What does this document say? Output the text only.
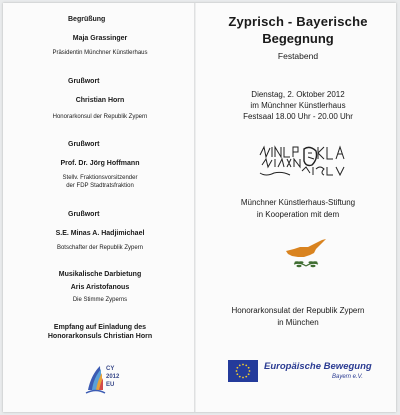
Begrüßung
Maja Grassinger
Präsidentin Münchner Künstlerhaus
Grußwort
Christian Horn
Honorarkonsul der Republik Zypern
Grußwort
Prof. Dr. Jörg Hoffmann
Stellv. Fraktionsvorsitzender
der FDP Stadtratsfraktion
Grußwort
S.E. Minas A. Hadjimichael
Botschafter der Republik Zypern
Musikalische Darbietung
Aris Aristofanous
Die Stimme Zyperns
Empfang auf Einladung des
Honorarkonsuls Christian Horn
CY
2012
EU
Zyprisch - Bayerische
Begegnung
Festabend
Dienstag, 2. Oktober 2012
im Münchner Künstlerhaus
Festsaal 18.00 Uhr - 20.00 Uhr
Münchner Künstlerhaus-Stiftung
in Kooperation mit dem
Honorarkonsulat der Republik Zypern
in München
Europäische Bewegung
Bayern e.V.
